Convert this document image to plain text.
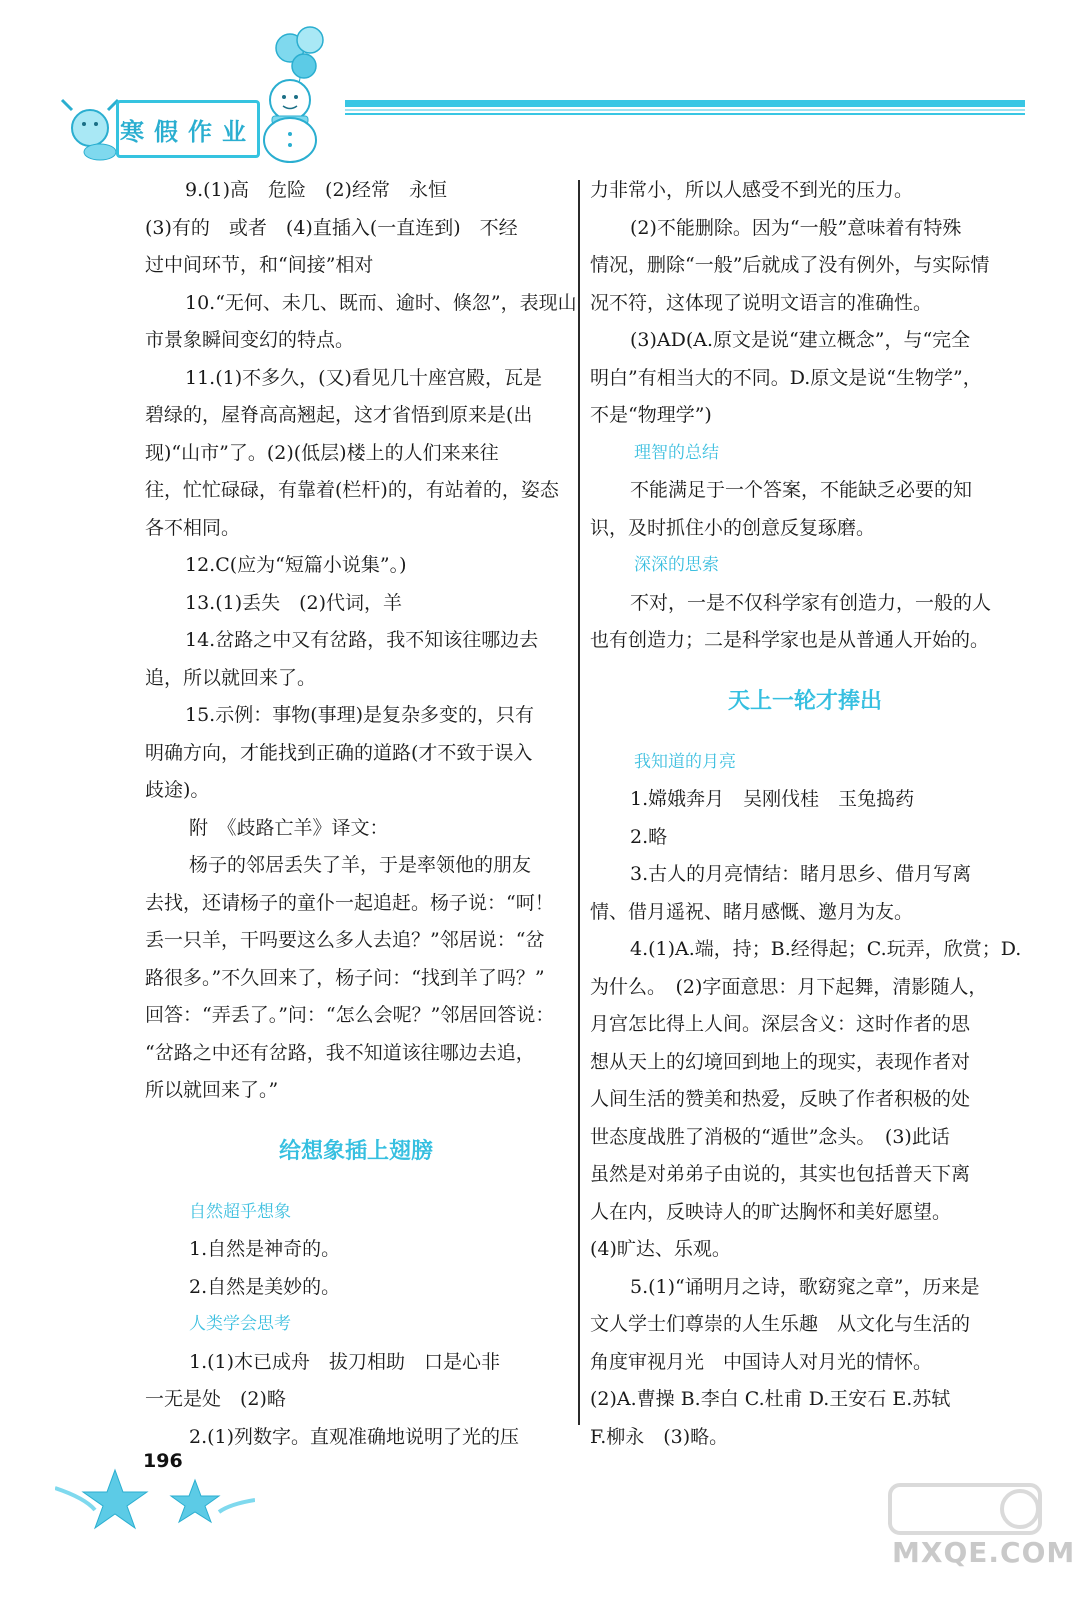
寒假作业
9.(1)高　危险　(2)经常　永恒
(3)有的　或者　(4)直插入(一直连到)　不经
过中间环节，和“间接”相对
10.“无何、未几、既而、逾时、倏忽”，表现山
市景象瞬间变幻的特点。
11.(1)不多久，(又)看见几十座宫殿，瓦是
碧绿的，屋脊高高翘起，这才省悟到原来是(出
现)“山市”了。(2)(低层)楼上的人们来来往
往，忙忙碌碌，有靠着(栏杆)的，有站着的，姿态
各不相同。
12.C(应为“短篇小说集”。)
13.(1)丢失　(2)代词，羊
14.岔路之中又有岔路，我不知该往哪边去
追，所以就回来了。
15.示例：事物(事理)是复杂多变的，只有
明确方向，才能找到正确的道路(才不致于误入
歧途)。
附　《歧路亡羊》译文：
杨子的邻居丢失了羊，于是率领他的朋友
去找，还请杨子的童仆一起追赶。杨子说：“呵！
丢一只羊，干吗要这么多人去追？”邻居说：“岔
路很多。”不久回来了，杨子问：“找到羊了吗？”
回答：“弄丢了。”问：“怎么会呢？”邻居回答说：
“岔路之中还有岔路，我不知道该往哪边去追，
所以就回来了。”
给想象插上翅膀
自然超乎想象
1.自然是神奇的。
2.自然是美妙的。
人类学会思考
1.(1)木已成舟　拔刀相助　口是心非
一无是处　(2)略
2.(1)列数字。直观准确地说明了光的压
力非常小，所以人感受不到光的压力。
(2)不能删除。因为“一般”意味着有特殊
情况，删除“一般”后就成了没有例外，与实际情
况不符，这体现了说明文语言的准确性。
(3)AD(A.原文是说“建立概念”，与“完全
明白”有相当大的不同。D.原文是说“生物学”，
不是“物理学”)
理智的总结
不能满足于一个答案，不能缺乏必要的知
识，及时抓住小的创意反复琢磨。
深深的思索
不对，一是不仅科学家有创造力，一般的人
也有创造力；二是科学家也是从普通人开始的。
天上一轮才捧出
我知道的月亮
1.嫦娥奔月　吴刚伐桂　玉兔捣药
2.略
3.古人的月亮情结：睹月思乡、借月写离
情、借月遥祝、睹月感慨、邀月为友。
4.(1)A.端，持；B.经得起；C.玩弄，欣赏；D.
为什么。　(2)字面意思：月下起舞，清影随人，
月宫怎比得上人间。深层含义：这时作者的思
想从天上的幻境回到地上的现实，表现作者对
人间生活的赞美和热爱，反映了作者积极的处
世态度战胜了消极的“遁世”念头。　(3)此话
虽然是对弟弟子由说的，其实也包括普天下离
人在内，反映诗人的旷达胸怀和美好愿望。
(4)旷达、乐观。
5.(1)“诵明月之诗，歌窈窕之章”，历来是
文人学士们尊崇的人生乐趣　从文化与生活的
角度审视月光　中国诗人对月光的情怀。
(2)A.曹操 B.李白 C.杜甫 D.王安石 E.苏轼
F.柳永　(3)略。
196
MXQE.COM
